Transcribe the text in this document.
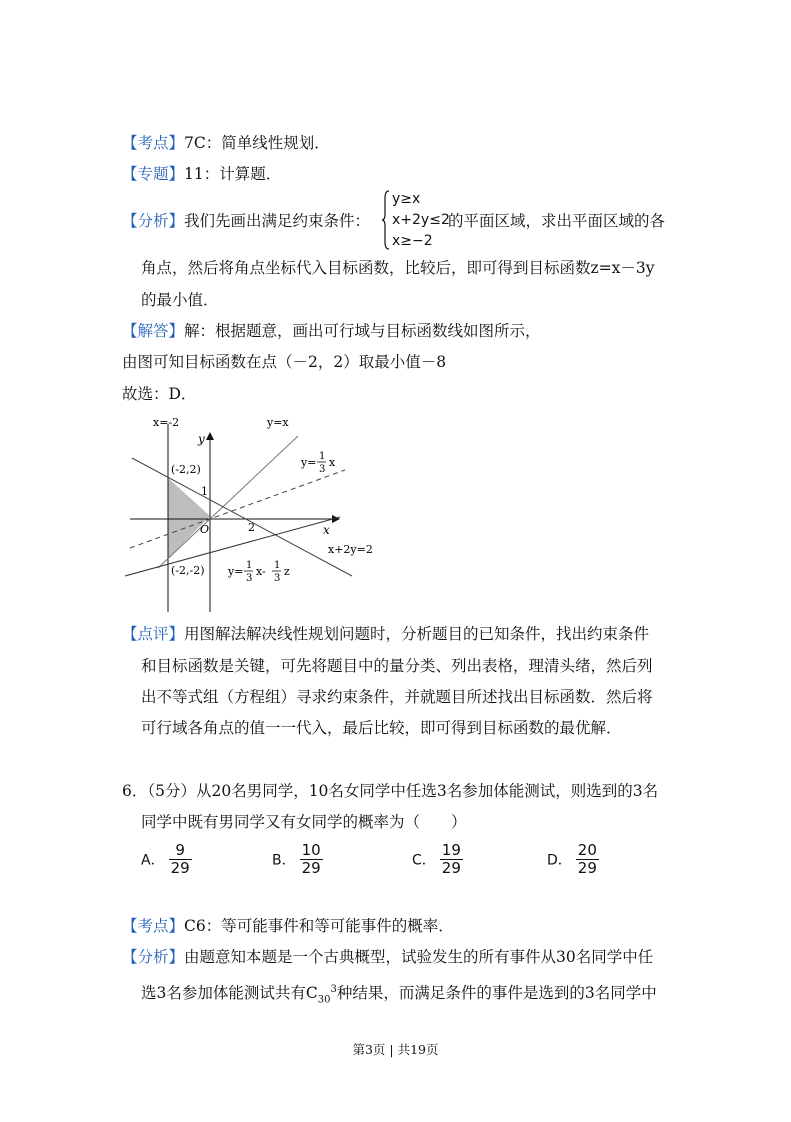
【考点】7C：简单线性规划．
【专题】11：计算题．
【分析】我们先画出满足约束条件：
y≥x
x+2y≤2
x≥−2
的平面区域，求出平面区域的各
角点，然后将角点坐标代入目标函数，比较后，即可得到目标函数z=x－3y
的最小值．
【解答】解：根据题意，画出可行域与目标函数线如图所示，
由图可知目标函数在点（－2，2）取最小值－8
故选：D．
x=-2
y
y=x
y= 1
3
x
(-2,2)
1
O	2	x
x+2y=2
(-2,-2) y= 1
3
x- 1
3
z
【点评】用图解法解决线性规划问题时，分析题目的已知条件，找出约束条件
和目标函数是关键，可先将题目中的量分类、列出表格，理清头绪，然后列
出不等式组（方程组）寻求约束条件，并就题目所述找出目标函数．然后将
可行域各角点的值一一代入，最后比较，即可得到目标函数的最优解．
6．（5分）从20名男同学，10名女同学中任选3名参加体能测试，则选到的3名
同学中既有男同学又有女同学的概率为（　　）
A． $\frac{9}{29}$	B． $\frac{10}{29}$	C． $\frac{19}{29}$	D． $\frac{20}{29}$
【考点】C6：等可能事件和等可能事件的概率．
【分析】由题意知本题是一个古典概型，试验发生的所有事件从30名同学中任
选3名参加体能测试共有$C_{30}^3$种结果，而满足条件的事件是选到的3名同学中
第3页 | 共19页
